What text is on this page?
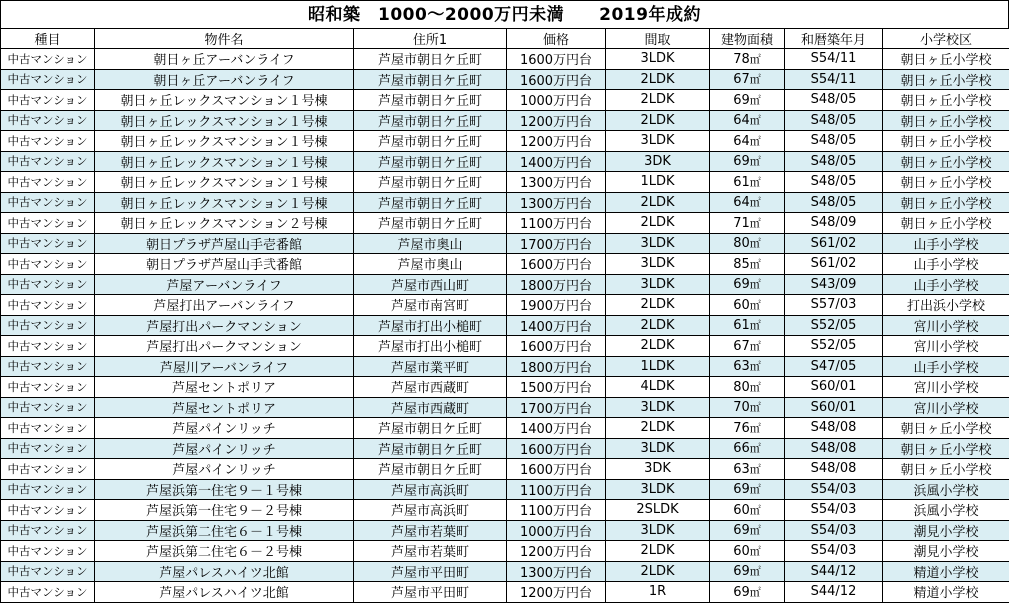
昭和築　1000～2000万円未満　　2019年成約
種目	物件名	住所1	価格	間取	建物面積	和暦築年月	小学校区
中古マンション	朝日ヶ丘アーバンライフ	芦屋市朝日ケ丘町	1600万円台	3LDK	78㎡	S54/11	朝日ヶ丘小学校
中古マンション	朝日ヶ丘アーバンライフ	芦屋市朝日ケ丘町	1600万円台	2LDK	67㎡	S54/11	朝日ヶ丘小学校
中古マンション	朝日ヶ丘レックスマンション１号棟	芦屋市朝日ケ丘町	1000万円台	2LDK	69㎡	S48/05	朝日ヶ丘小学校
中古マンション	朝日ヶ丘レックスマンション１号棟	芦屋市朝日ケ丘町	1200万円台	2LDK	64㎡	S48/05	朝日ヶ丘小学校
中古マンション	朝日ヶ丘レックスマンション１号棟	芦屋市朝日ケ丘町	1200万円台	3LDK	64㎡	S48/05	朝日ヶ丘小学校
中古マンション	朝日ヶ丘レックスマンション１号棟	芦屋市朝日ケ丘町	1400万円台	3DK	69㎡	S48/05	朝日ヶ丘小学校
中古マンション	朝日ヶ丘レックスマンション１号棟	芦屋市朝日ケ丘町	1300万円台	1LDK	61㎡	S48/05	朝日ヶ丘小学校
中古マンション	朝日ヶ丘レックスマンション１号棟	芦屋市朝日ケ丘町	1300万円台	2LDK	64㎡	S48/05	朝日ヶ丘小学校
中古マンション	朝日ヶ丘レックスマンション２号棟	芦屋市朝日ケ丘町	1100万円台	2LDK	71㎡	S48/09	朝日ヶ丘小学校
中古マンション	朝日プラザ芦屋山手壱番館	芦屋市奥山	1700万円台	3LDK	80㎡	S61/02	山手小学校
中古マンション	朝日プラザ芦屋山手弐番館	芦屋市奥山	1600万円台	3LDK	85㎡	S61/02	山手小学校
中古マンション	芦屋アーバンライフ	芦屋市西山町	1800万円台	3LDK	69㎡	S43/09	山手小学校
中古マンション	芦屋打出アーバンライフ	芦屋市南宮町	1900万円台	2LDK	60㎡	S57/03	打出浜小学校
中古マンション	芦屋打出パークマンション	芦屋市打出小槌町	1400万円台	2LDK	61㎡	S52/05	宮川小学校
中古マンション	芦屋打出パークマンション	芦屋市打出小槌町	1600万円台	2LDK	67㎡	S52/05	宮川小学校
中古マンション	芦屋川アーバンライフ	芦屋市業平町	1800万円台	1LDK	63㎡	S47/05	山手小学校
中古マンション	芦屋セントポリア	芦屋市西蔵町	1500万円台	4LDK	80㎡	S60/01	宮川小学校
中古マンション	芦屋セントポリア	芦屋市西蔵町	1700万円台	3LDK	70㎡	S60/01	宮川小学校
中古マンション	芦屋パインリッチ	芦屋市朝日ケ丘町	1400万円台	2LDK	76㎡	S48/08	朝日ヶ丘小学校
中古マンション	芦屋パインリッチ	芦屋市朝日ケ丘町	1600万円台	3LDK	66㎡	S48/08	朝日ヶ丘小学校
中古マンション	芦屋パインリッチ	芦屋市朝日ケ丘町	1600万円台	3DK	63㎡	S48/08	朝日ヶ丘小学校
中古マンション	芦屋浜第一住宅９－１号棟	芦屋市高浜町	1100万円台	3LDK	69㎡	S54/03	浜風小学校
中古マンション	芦屋浜第一住宅９－２号棟	芦屋市高浜町	1100万円台	2SLDK	60㎡	S54/03	浜風小学校
中古マンション	芦屋浜第二住宅６－１号棟	芦屋市若葉町	1000万円台	3LDK	69㎡	S54/03	潮見小学校
中古マンション	芦屋浜第二住宅６－２号棟	芦屋市若葉町	1200万円台	2LDK	60㎡	S54/03	潮見小学校
中古マンション	芦屋パレスハイツ北館	芦屋市平田町	1300万円台	2LDK	69㎡	S44/12	精道小学校
中古マンション	芦屋パレスハイツ北館	芦屋市平田町	1200万円台	1R	69㎡	S44/12	精道小学校
